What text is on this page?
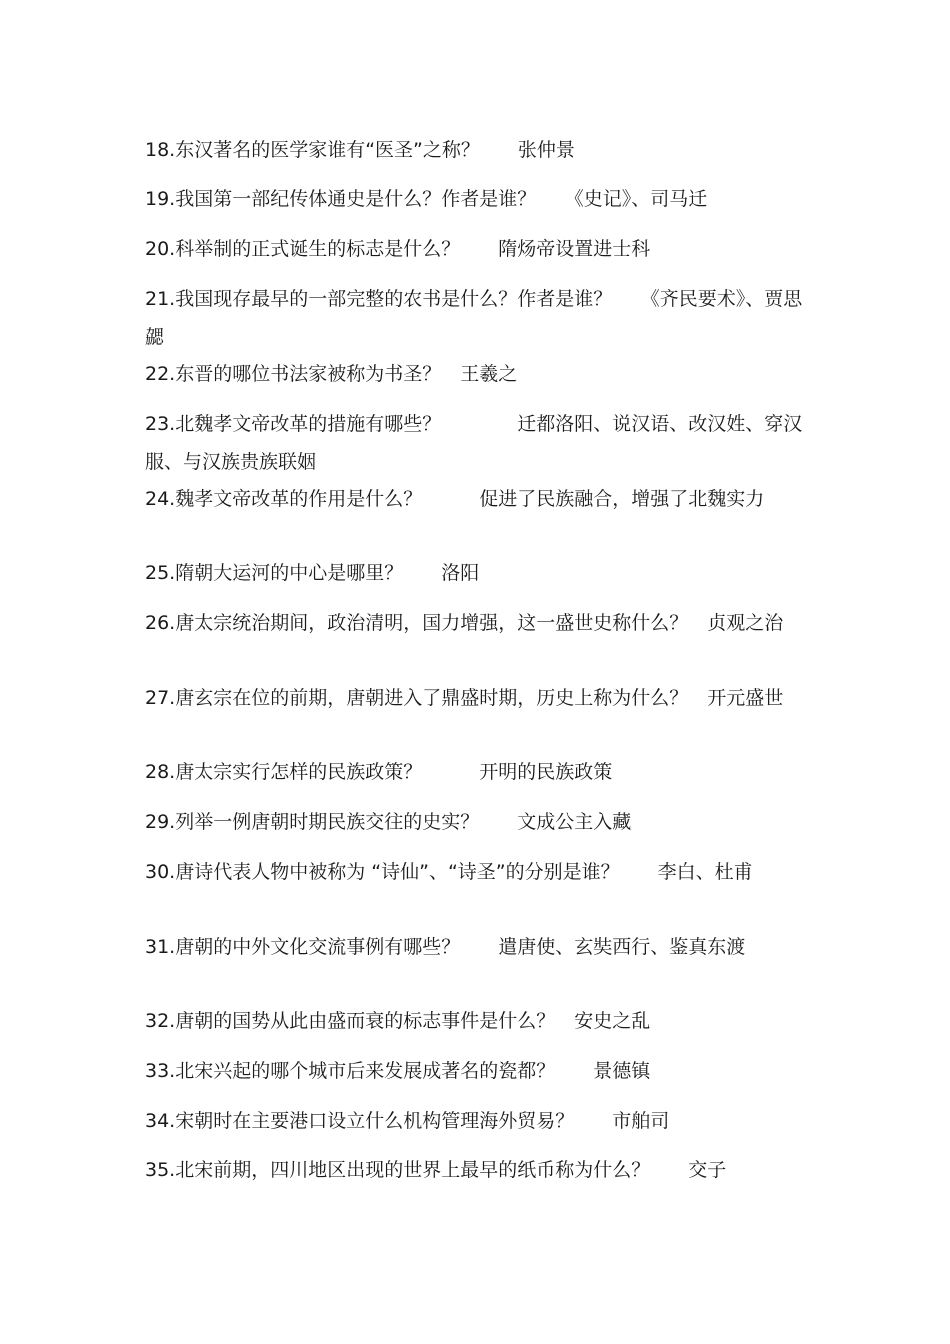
18.东汉著名的医学家谁有“医圣”之称？　　张仲景
19.我国第一部纪传体通史是什么？作者是谁？　　《史记》、司马迁
20.科举制的正式诞生的标志是什么？　　隋炀帝设置进士科
21.我国现存最早的一部完整的农书是什么？作者是谁？　　《齐民要术》、贾思勰
22.东晋的哪位书法家被称为书圣？　王羲之
23.北魏孝文帝改革的措施有哪些？　　　　迁都洛阳、说汉语、改汉姓、穿汉服、与汉族贵族联姻
24.魏孝文帝改革的作用是什么？　　　促进了民族融合，增强了北魏实力
25.隋朝大运河的中心是哪里？　　洛阳
26.唐太宗统治期间，政治清明，国力增强，这一盛世史称什么？　贞观之治
27.唐玄宗在位的前期，唐朝进入了鼎盛时期，历史上称为什么？　开元盛世
28.唐太宗实行怎样的民族政策？　　　开明的民族政策
29.列举一例唐朝时期民族交往的史实？　　文成公主入藏
30.唐诗代表人物中被称为 “诗仙”、“诗圣”的分别是谁？　　李白、杜甫
31.唐朝的中外文化交流事例有哪些？　　遣唐使、玄奘西行、鉴真东渡
32.唐朝的国势从此由盛而衰的标志事件是什么？　安史之乱
33.北宋兴起的哪个城市后来发展成著名的瓷都？　　景德镇
34.宋朝时在主要港口设立什么机构管理海外贸易？　　市舶司
35.北宋前期，四川地区出现的世界上最早的纸币称为什么？　　交子
